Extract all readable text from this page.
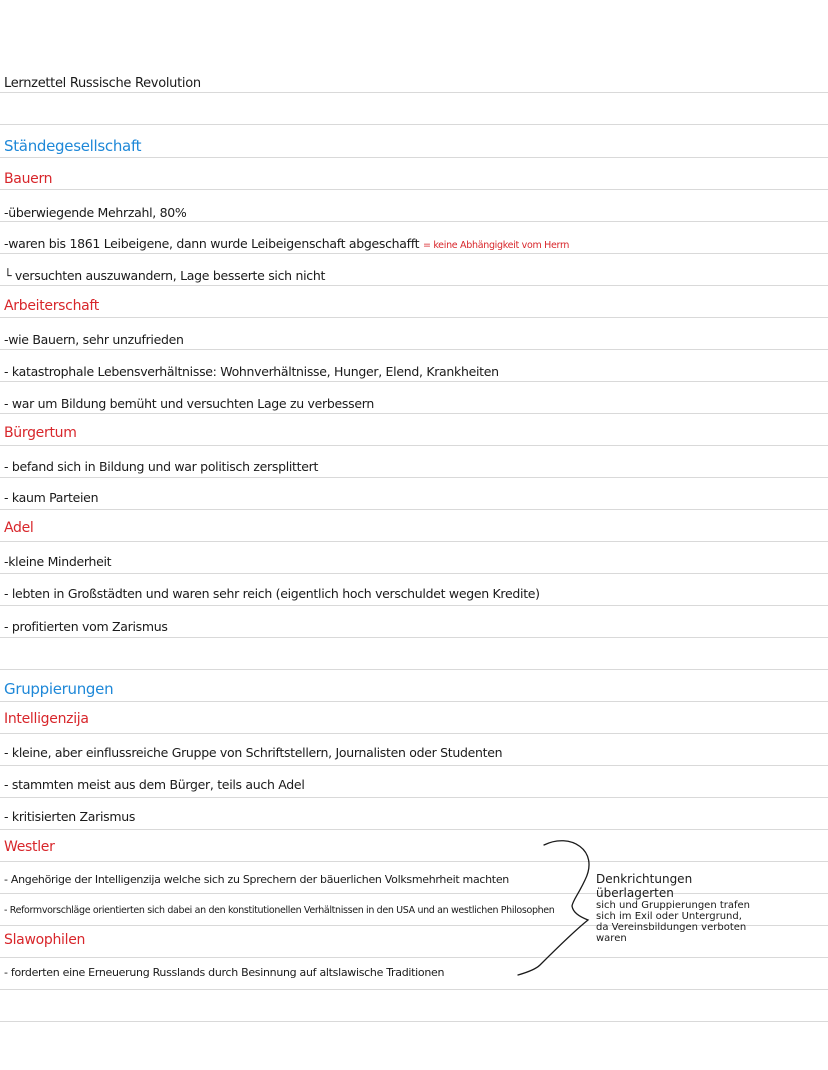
Lernzettel Russische Revolution
Ständegesellschaft
Bauern
-überwiegende Mehrzahl, 80%
-waren bis 1861 Leibeigene, dann wurde Leibeigenschaft abgeschafft = keine Abhängigkeit vom Herrn
└ versuchten auszuwandern, Lage besserte sich nicht
Arbeiterschaft
-wie Bauern, sehr unzufrieden
- katastrophale Lebensverhältnisse: Wohnverhältnisse, Hunger, Elend, Krankheiten
- war um Bildung bemüht und versuchten Lage zu verbessern
Bürgertum
- befand sich in Bildung und war politisch zersplittert
- kaum Parteien
Adel
-kleine Minderheit
- lebten in Großstädten und waren sehr reich (eigentlich hoch verschuldet wegen Kredite)
- profitierten vom Zarismus
Gruppierungen
Intelligenzija
- kleine, aber einflussreiche Gruppe von Schriftstellern, Journalisten oder Studenten
- stammten meist aus dem Bürger, teils auch Adel
- kritisierten Zarismus
Westler
- Angehörige der Intelligenzija welche sich zu Sprechern der bäuerlichen Volksmehrheit machten
- Reformvorschläge orientierten sich dabei an den konstitutionellen Verhältnissen in den USA und an westlichen Philosophen
Slawophilen
- forderten eine Erneuerung Russlands durch Besinnung auf altslawische Traditionen
Denkrichtungen überlagerten
sich und Gruppierungen trafen
sich im Exil oder Untergrund,
da Vereinsbildungen verboten
waren
